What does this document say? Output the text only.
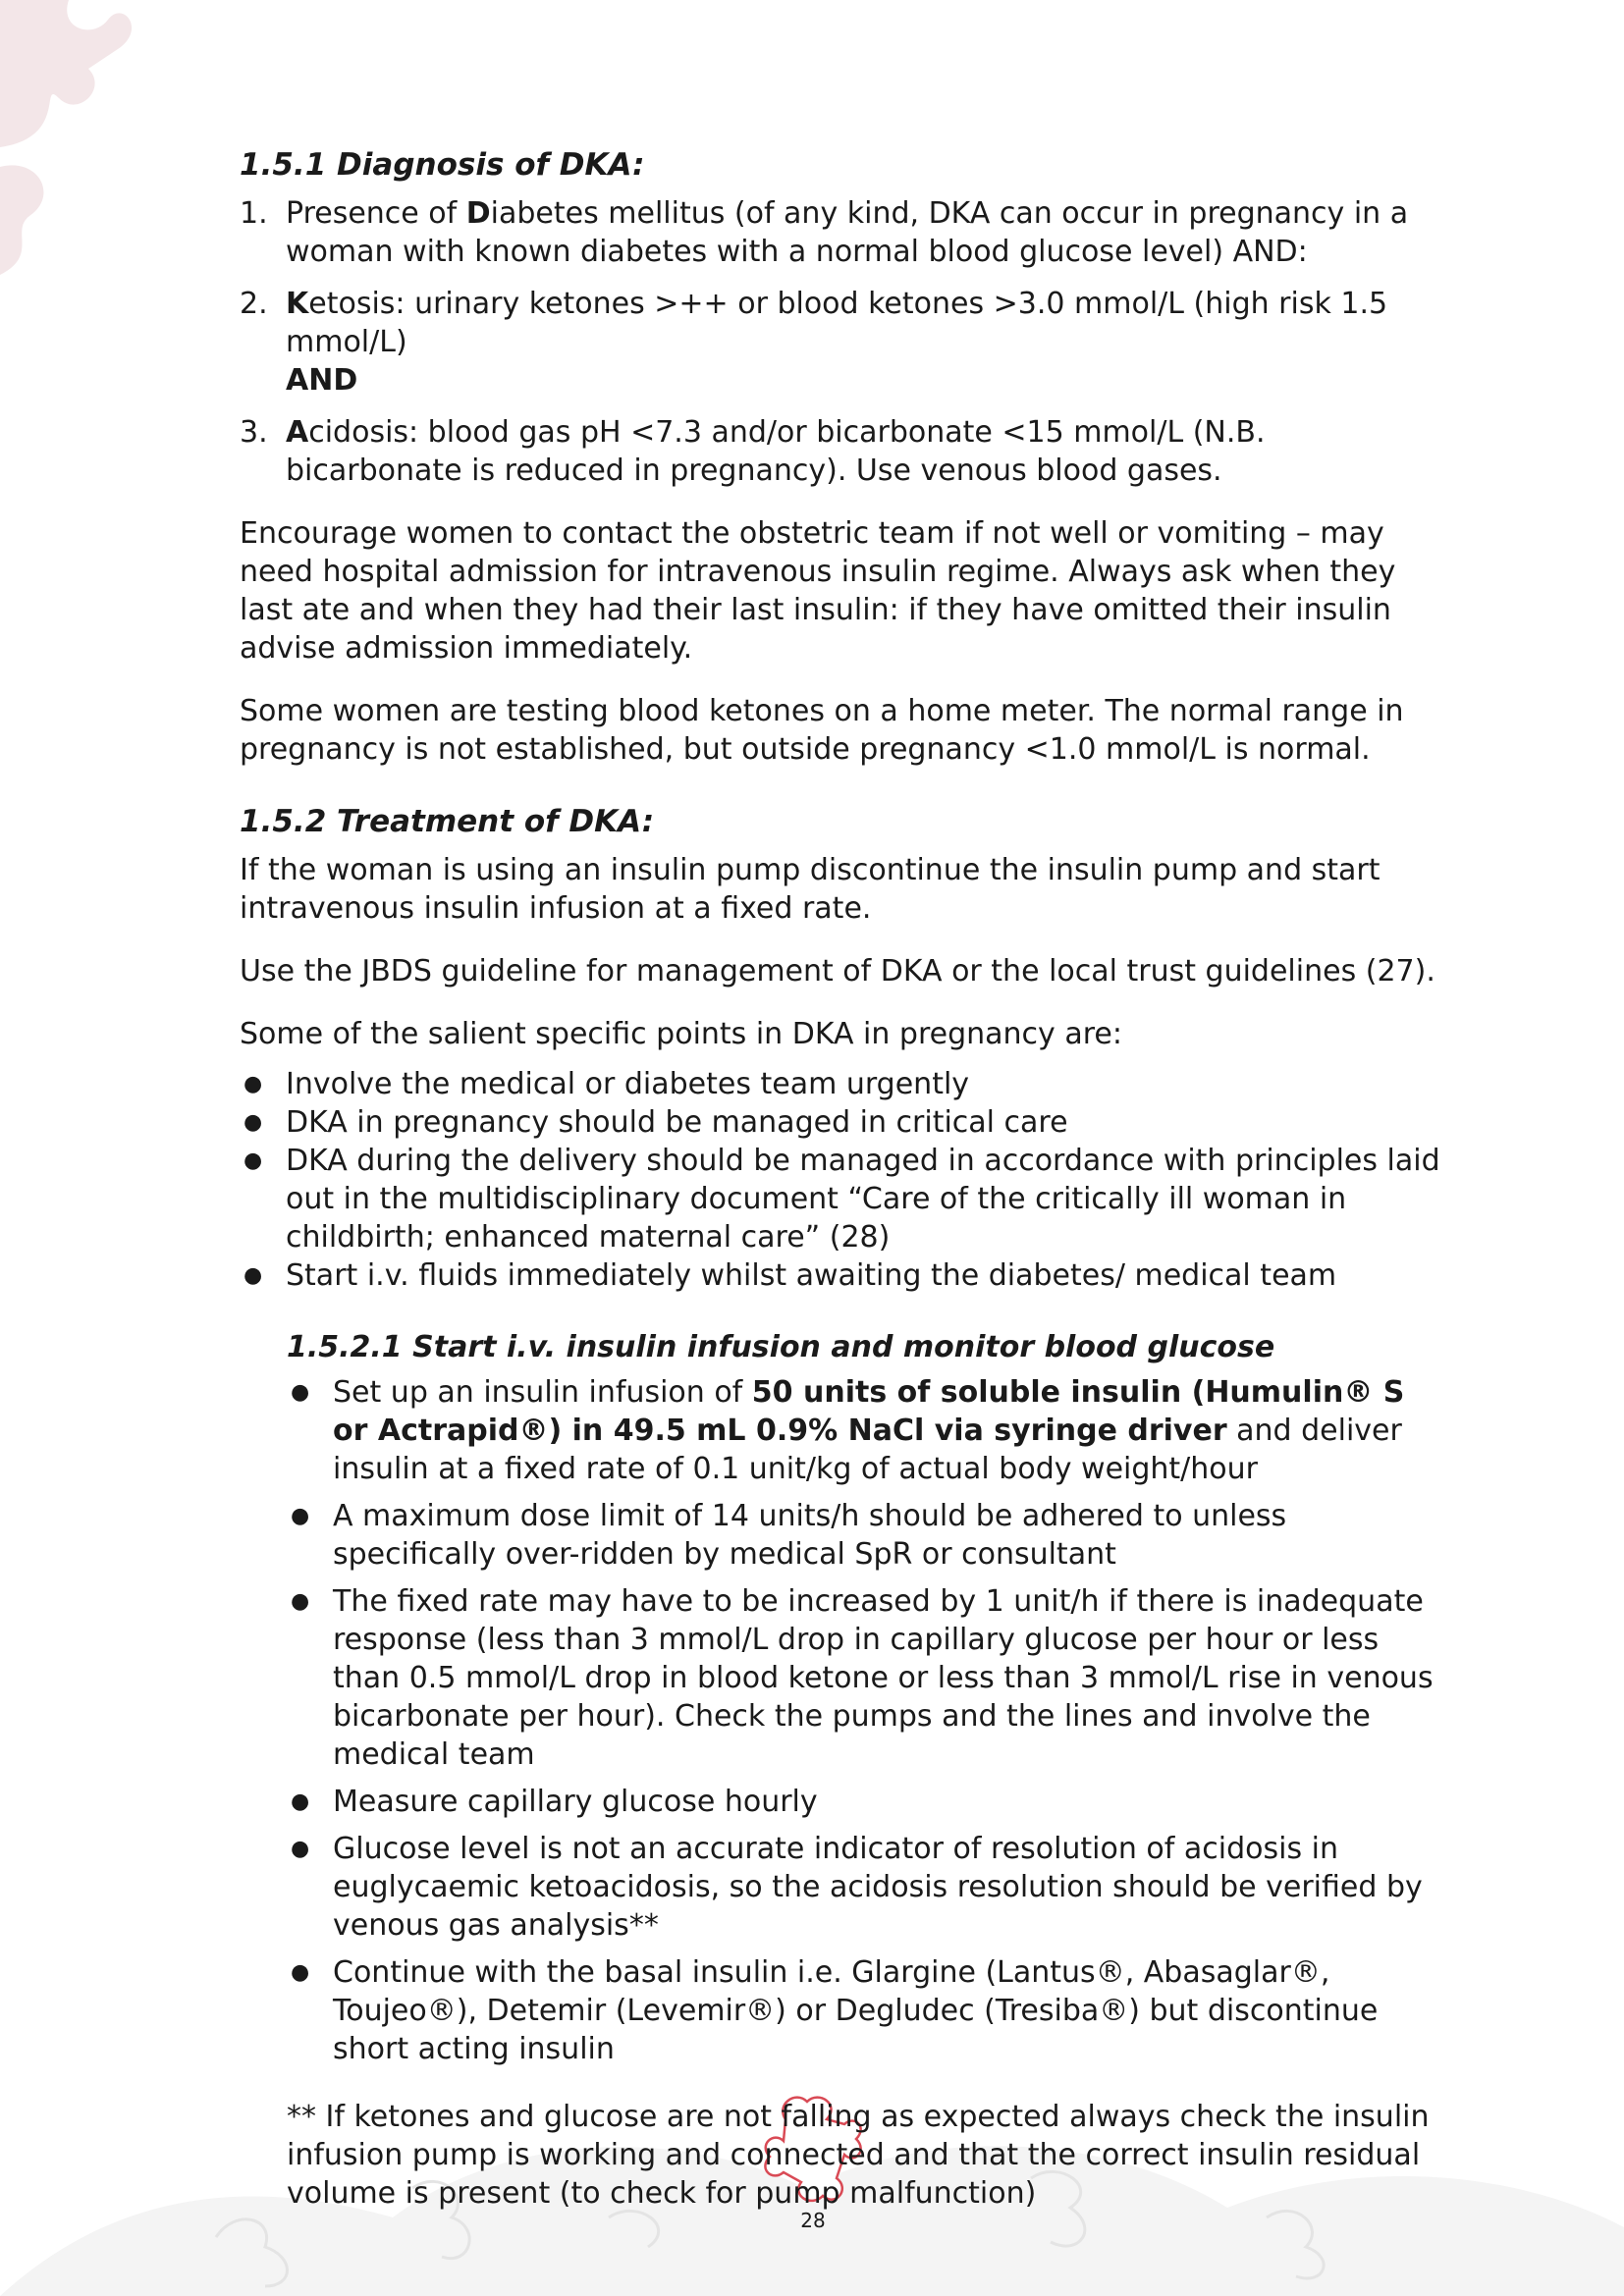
1.5.1 Diagnosis of DKA:
1. Presence of Diabetes mellitus (of any kind, DKA can occur in pregnancy in a woman with known diabetes with a normal blood glucose level) AND:
2. Ketosis: urinary ketones >++ or blood ketones >3.0 mmol/L (high risk 1.5 mmol/L)
AND
3. Acidosis: blood gas pH <7.3 and/or bicarbonate <15 mmol/L (N.B. bicarbonate is reduced in pregnancy). Use venous blood gases.

Encourage women to contact the obstetric team if not well or vomiting – may need hospital admission for intravenous insulin regime. Always ask when they last ate and when they had their last insulin: if they have omitted their insulin advise admission immediately.

Some women are testing blood ketones on a home meter. The normal range in pregnancy is not established, but outside pregnancy <1.0 mmol/L is normal.

1.5.2 Treatment of DKA:

If the woman is using an insulin pump discontinue the insulin pump and start intravenous insulin infusion at a fixed rate.

Use the JBDS guideline for management of DKA or the local trust guidelines (27).

Some of the salient specific points in DKA in pregnancy are:

● Involve the medical or diabetes team urgently
● DKA in pregnancy should be managed in critical care
● DKA during the delivery should be managed in accordance with principles laid out in the multidisciplinary document “Care of the critically ill woman in childbirth; enhanced maternal care” (28)
● Start i.v. fluids immediately whilst awaiting the diabetes/ medical team
1.5.2.1 Start i.v. insulin infusion and monitor blood glucose
● Set up an insulin infusion of 50 units of soluble insulin (Humulin® S or Actrapid®) in 49.5 mL 0.9% NaCl via syringe driver and deliver insulin at a fixed rate of 0.1 unit/kg of actual body weight/hour
● A maximum dose limit of 14 units/h should be adhered to unless specifically over-ridden by medical SpR or consultant
● The fixed rate may have to be increased by 1 unit/h if there is inadequate response (less than 3 mmol/L drop in capillary glucose per hour or less than 0.5 mmol/L drop in blood ketone or less than 3 mmol/L rise in venous bicarbonate per hour). Check the pumps and the lines and involve the medical team
● Measure capillary glucose hourly
● Glucose level is not an accurate indicator of resolution of acidosis in euglycaemic ketoacidosis, so the acidosis resolution should be verified by venous gas analysis**
● Continue with the basal insulin i.e. Glargine (Lantus®, Abasaglar®, Toujeo®), Detemir (Levemir®) or Degludec (Tresiba®) but discontinue short acting insulin

** If ketones and glucose are not falling as expected always check the insulin infusion pump is working and connected and that the correct insulin residual volume is present (to check for pump malfunction)

28
